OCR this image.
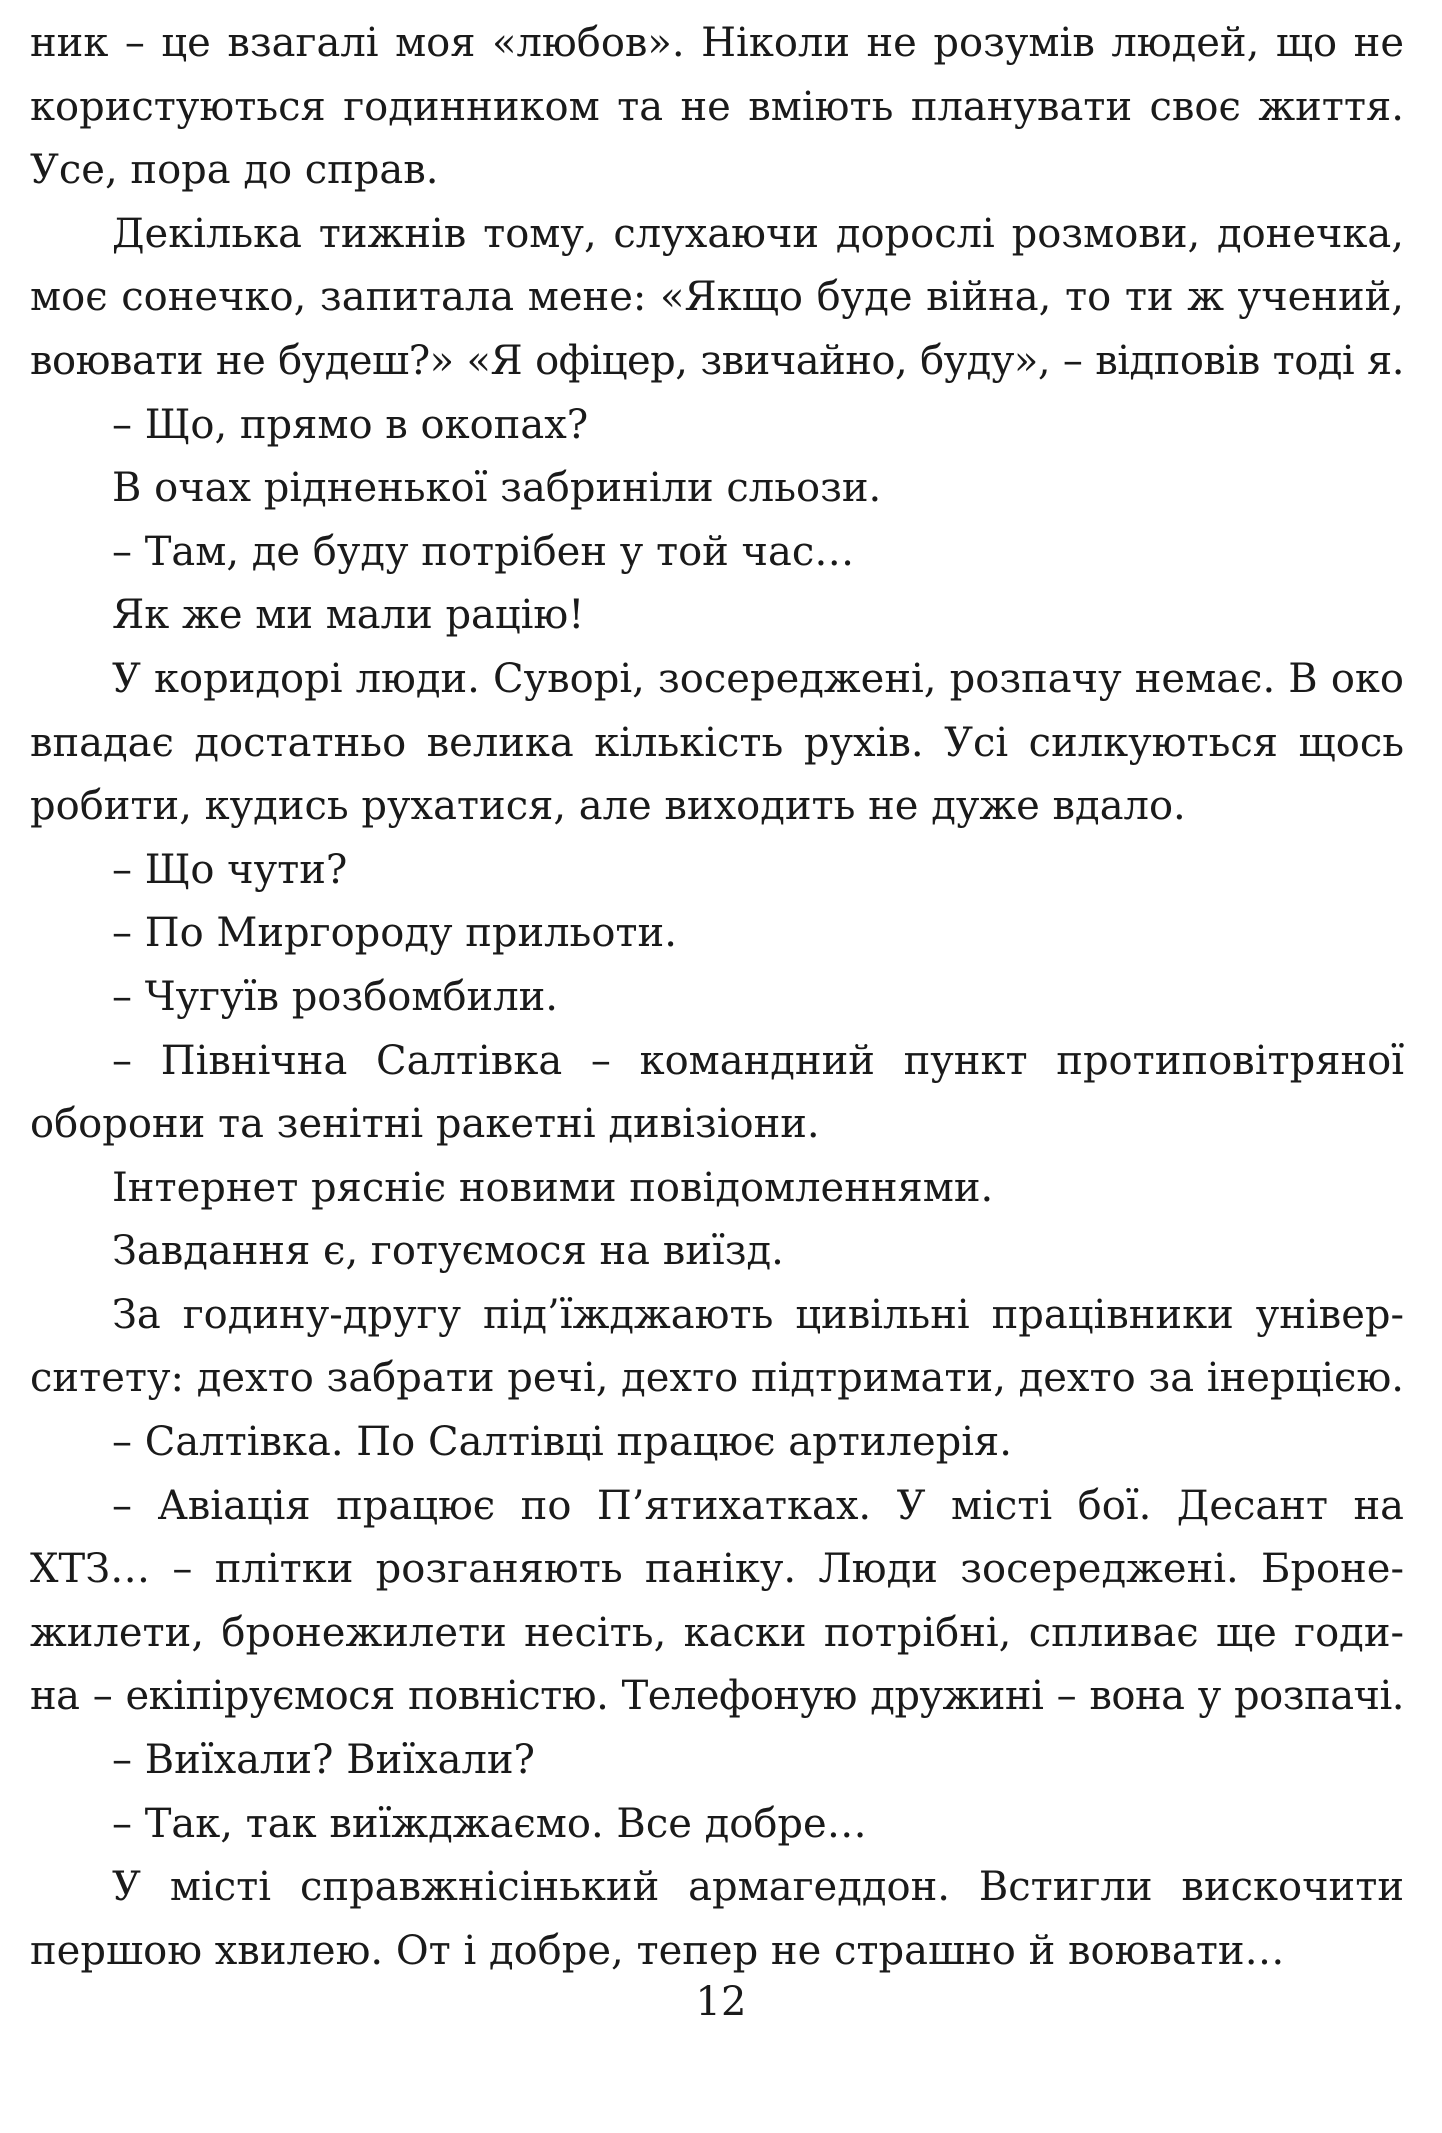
ник – це взагалі моя «любов». Ніколи не розумів людей, що не
користуються годинником та не вміють планувати своє життя.
Усе, пора до справ.
Декілька тижнів тому, слухаючи дорослі розмови, донечка,
моє сонечко, запитала мене: «Якщо буде війна, то ти ж учений,
воювати не будеш?» «Я офіцер, звичайно, буду», – відповів тоді я.
– Що, прямо в окопах?
В очах рідненької забриніли сльози.
– Там, де буду потрібен у той час…
Як же ми мали рацію!
У коридорі люди. Суворі, зосереджені, розпачу немає. В око
впадає достатньо велика кількість рухів. Усі силкуються щось
робити, кудись рухатися, але виходить не дуже вдало.
– Що чути?
– По Миргороду прильоти.
– Чугуїв розбомбили.
– Північна Салтівка – командний пункт протиповітряної
оборони та зенітні ракетні дивізіони.
Інтернет рясніє новими повідомленнями.
Завдання є, готуємося на виїзд.
За годину-другу під’їжджають цивільні працівники універ-
ситету: дехто забрати речі, дехто підтримати, дехто за інерцією.
– Салтівка. По Салтівці працює артилерія.
– Авіація працює по П’ятихатках. У місті бої. Десант на
ХТЗ… – плітки розганяють паніку. Люди зосереджені. Броне-
жилети, бронежилети несіть, каски потрібні, спливає ще годи-
на – екіпіруємося повністю. Телефоную дружині – вона у розпачі.
– Виїхали? Виїхали?
– Так, так виїжджаємо. Все добре…
У місті справжнісінький армагеддон. Встигли вискочити
першою хвилею. От і добре, тепер не страшно й воювати…
12
